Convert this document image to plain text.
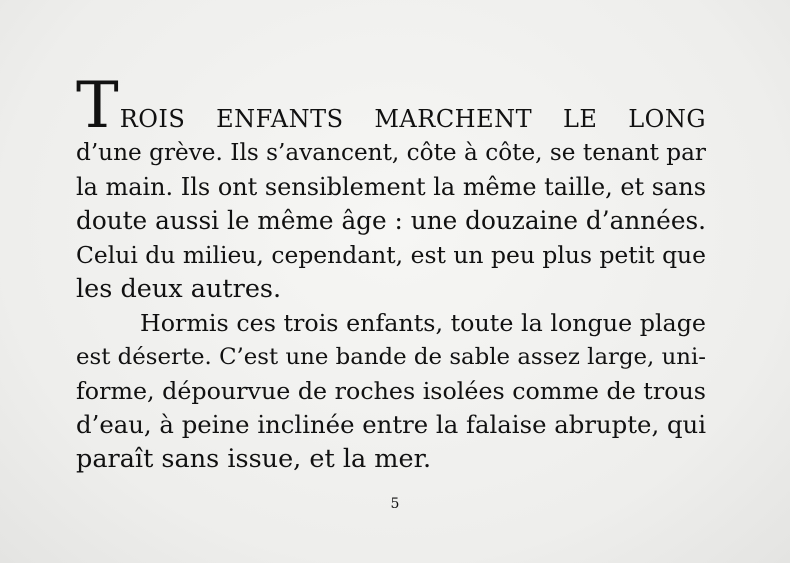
TROIS ENFANTS MARCHENT LE LONG
d’une grève. Ils s’avancent, côte à côte, se tenant par
la main. Ils ont sensiblement la même taille, et sans
doute aussi le même âge : une douzaine d’années.
Celui du milieu, cependant, est un peu plus petit que
les deux autres.
Hormis ces trois enfants, toute la longue plage
est déserte. C’est une bande de sable assez large, uni-
forme, dépourvue de roches isolées comme de trous
d’eau, à peine inclinée entre la falaise abrupte, qui
paraît sans issue, et la mer.
5
